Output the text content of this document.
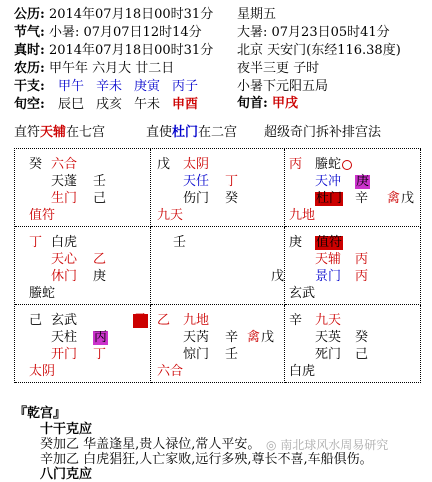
公历: 2014年07月18日00时31分 星期五
节气: 小暑: 07月07日12时14分	大暑: 07月23日05时41分
真时: 2014年07月18日00时31分 北京 天安门(东经116.38度)
农历: 甲午年 六月大 廿二日	夜半三更 子时
干支: 甲午 辛未 庚寅 丙子	小暑下元阳五局
旬空: 辰巳 戌亥 午未 申酉	旬首: 甲戌
直符天辅在七宫	直使杜门在二宫 超级奇门拆补排宫法
癸 六合
天蓬 壬
生门 己
值符
戊 太阴
天任 丁
伤门 癸
九天
丙 螣蛇
天冲 庚
杜门 辛 禽 戊
九地
丁 白虎
天心 乙
休门 庚
螣蛇
壬
戊
庚 值符
天辅 丙
景门 丙
玄武
己 玄武	马
天柱 丙
开门 丁
太阴
乙 九地
天芮 辛 禽 戊
惊门 壬
六合
辛 九天
天英 癸
死门 己
白虎
『乾宫』
十干克应
癸加乙 华盖逢星,贵人禄位,常人平安。
辛加乙 白虎猖狂,人亡家败,远行多殃,尊长不喜,车船俱伤。
八门克应
◎ 南北球风水周易研究
